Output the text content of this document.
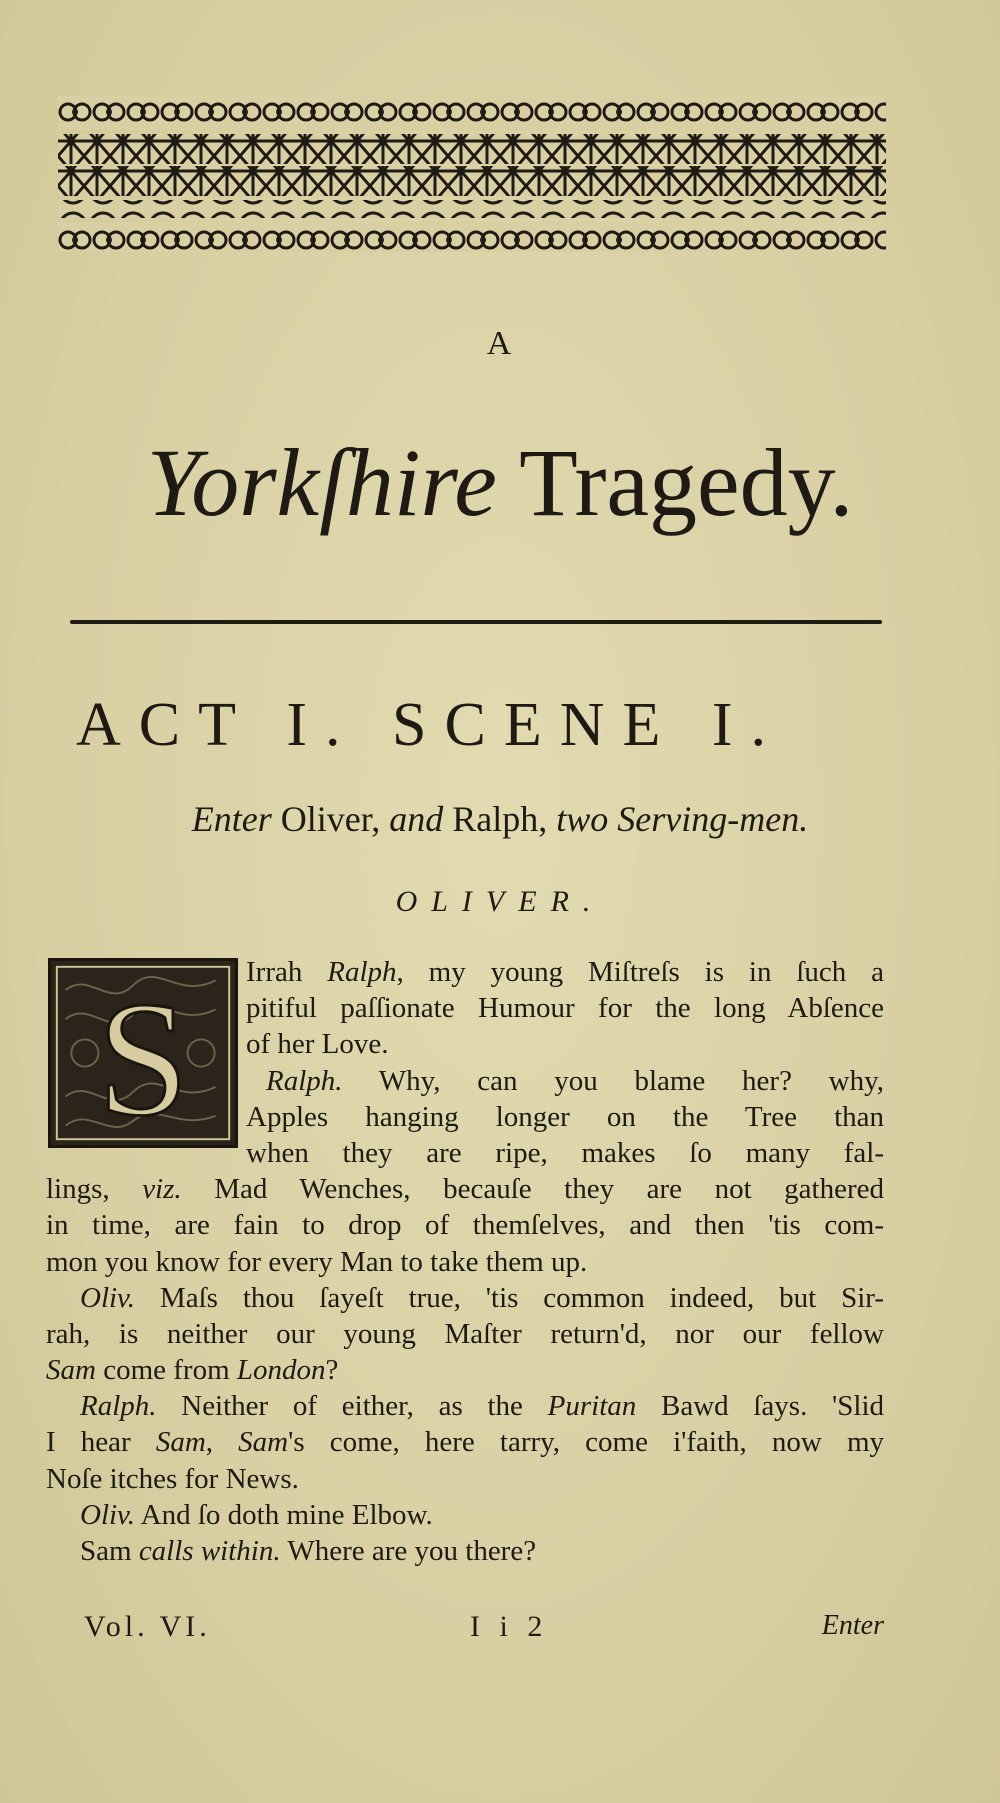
A
Yorkſhire Tragedy.
ACT I. SCENE I.
Enter Oliver, and Ralph, two Serving-men.
OLIVER.
S	Irrah Ralph, my young Miſtreſs is in ſuch a
pitiful paſſionate Humour for the long Abſence
of her Love.
Ralph. Why, can you blame her? why,
Apples hanging longer on the Tree than
when they are ripe, makes ſo many fal-
lings, viz. Mad Wenches, becauſe they are not gathered
in time, are fain to drop of themſelves, and then 'tis com-
mon you know for every Man to take them up.
Oliv. Maſs thou ſayeſt true, 'tis common indeed, but Sir-
rah, is neither our young Maſter return'd, nor our fellow
Sam come from London?
Ralph. Neither of either, as the Puritan Bawd ſays. 'Slid
I hear Sam, Sam's come, here tarry, come i'faith, now my
Noſe itches for News.
Oliv. And ſo doth mine Elbow.
Sam calls within. Where are you there?
Vol. VI.	I i 2	Enter
